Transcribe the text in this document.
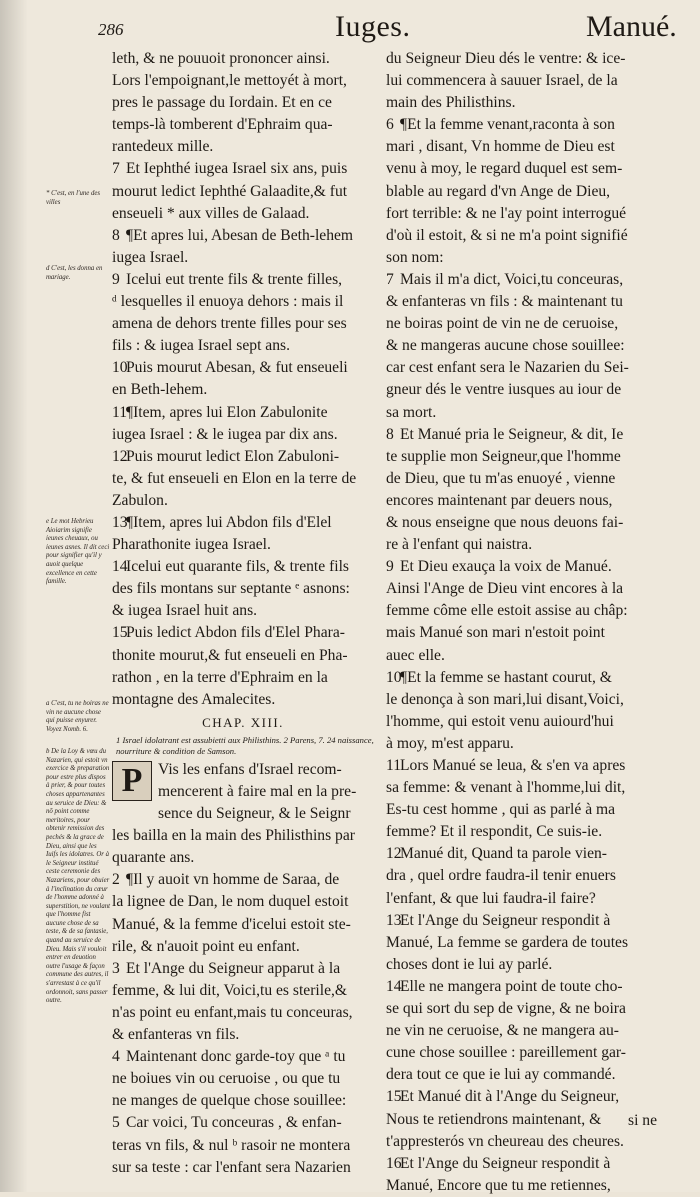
286	Iuges.	Manué.
* C'est, en l'une des villes
d C'est, les donna en mariage.
e Le mot Hebrieu Aioiarim signifie ieunes cheuaux, ou ieunes asnes. Il dit ceci pour signifier qu'il y auoit quelque excellence en cette famille.
a C'est, tu ne boiras ne vin ne aucune chose qui puisse enyurer. Voyez Nomb. 6.
b De la Loy & vœu du Nazarien, qui estoit vn exercice & preparation pour estre plus dispos à prier, & pour toutes choses appartenantes au seruice de Dieu: & nō point comme meritoires, pour obtenir remission des pechés & la grace de Dieu, ainsi que les Iuifs les idolatres. Or à le Seigneur institué ceste ceremonie des Nazariens, pour obuier à l'inclination du cœur de l'homme adonné à superstition, ne voulant que l'homme fist aucune chose de sa teste, & de sa fantasie, quand au seruice de Dieu. Mais s'il vouloit entrer en deuotion outre l'usage & façon commune des autres, il s'arrestast à ce qu'il ordonnoit, sans passer outre.
leth, & ne pouuoit prononcer ainsi.
Lors l'empoignant,le mettoyét à mort,
pres le passage du Iordain. Et en ce
temps-là tomberent d'Ephraim qua-
rantedeux mille.
7 Et Iephthé iugea Israel six ans, puis
mourut ledict Iephthé Galaadite,& fut
enseueli * aux villes de Galaad.
8 ¶Et apres lui, Abesan de Beth-lehem
iugea Israel.
9 Icelui eut trente fils & trente filles,
ᵈ lesquelles il enuoya dehors : mais il
amena de dehors trente filles pour ses
fils : & iugea Israel sept ans.
10
Puis mourut Abesan, & fut enseueli
en Beth-lehem.
11
¶Item, apres lui Elon Zabulonite
iugea Israel : & le iugea par dix ans.
12
Puis mourut ledict Elon Zabuloni-
te, & fut enseueli en Elon en la terre de
Zabulon.
13
¶Item, apres lui Abdon fils d'Elel
Pharathonite iugea Israel.
14
Icelui eut quarante fils, & trente fils
des fils montans sur septante ᵉ asnons:
& iugea Israel huit ans.
15
Puis ledict Abdon fils d'Elel Phara-
thonite mourut,& fut enseueli en Pha-
rathon , en la terre d'Ephraim en la
montagne des Amalecites.
CHAP. XIII.
1 Israel idolatrant est assubietti aux Philisthins. 2 Parens, 7. 24 naissance, nourriture & condition de Samson.
P	Vis les enfans d'Israel recom-
mencerent à faire mal en la pre-
sence du Seigneur, & le Seignr
les bailla en la main des Philisthins par
quarante ans.
2 ¶Il y auoit vn homme de Saraa, de
la lignee de Dan, le nom duquel estoit
Manué, & la femme d'icelui estoit ste-
rile, & n'auoit point eu enfant.
3 Et l'Ange du Seigneur apparut à la
femme, & lui dit, Voici,tu es sterile,&
n'as point eu enfant,mais tu conceuras,
& enfanteras vn fils.
4 Maintenant donc garde-toy que ᵃ tu
ne boiues vin ou ceruoise , ou que tu
ne manges de quelque chose souillee:
5 Car voici, Tu conceuras , & enfan-
teras vn fils, & nul ᵇ rasoir ne montera
sur sa teste : car l'enfant sera Nazarien
du Seigneur Dieu dés le ventre: & ice-
lui commencera à sauuer Israel, de la
main des Philisthins.
6 ¶Et la femme venant,raconta à son
mari , disant, Vn homme de Dieu est
venu à moy, le regard duquel est sem-
blable au regard d'vn Ange de Dieu,
fort terrible: & ne l'ay point interrogué
d'où il estoit, & si ne m'a point signifié
son nom:
7 Mais il m'a dict, Voici,tu conceuras,
& enfanteras vn fils : & maintenant tu
ne boiras point de vin ne de ceruoise,
& ne mangeras aucune chose souillee:
car cest enfant sera le Nazarien du Sei-
gneur dés le ventre iusques au iour de
sa mort.
8 Et Manué pria le Seigneur, & dit, Ie
te supplie mon Seigneur,que l'homme
de Dieu, que tu m'as enuoyé , vienne
encores maintenant par deuers nous,
& nous enseigne que nous deuons fai-
re à l'enfant qui naistra.
9 Et Dieu exauça la voix de Manué.
Ainsi l'Ange de Dieu vint encores à la
femme côme elle estoit assise au châp:
mais Manué son mari n'estoit point
auec elle.
10
¶Et la femme se hastant courut, &
le denonça à son mari,lui disant,Voici,
l'homme, qui estoit venu auiourd'hui
à moy, m'est apparu.
11
Lors Manué se leua, & s'en va apres
sa femme: & venant à l'homme,lui dit,
Es-tu cest homme , qui as parlé à ma
femme? Et il respondit, Ce suis-ie.
12
Manué dit, Quand ta parole vien-
dra , quel ordre faudra-il tenir enuers
l'enfant, & que lui faudra-il faire?
13
Et l'Ange du Seigneur respondit à
Manué, La femme se gardera de toutes
choses dont ie lui ay parlé.
14
Elle ne mangera point de toute cho-
se qui sort du sep de vigne, & ne boira
ne vin ne ceruoise, & ne mangera au-
cune chose souillee : pareillement gar-
dera tout ce que ie lui ay commandé.
15
Et Manué dit à l'Ange du Seigneur,
Nous te retiendrons maintenant, &
t'appresterós vn cheureau des cheures.
16
Et l'Ange du Seigneur respondit à
Manué, Encore que tu me retiennes,
si ne
